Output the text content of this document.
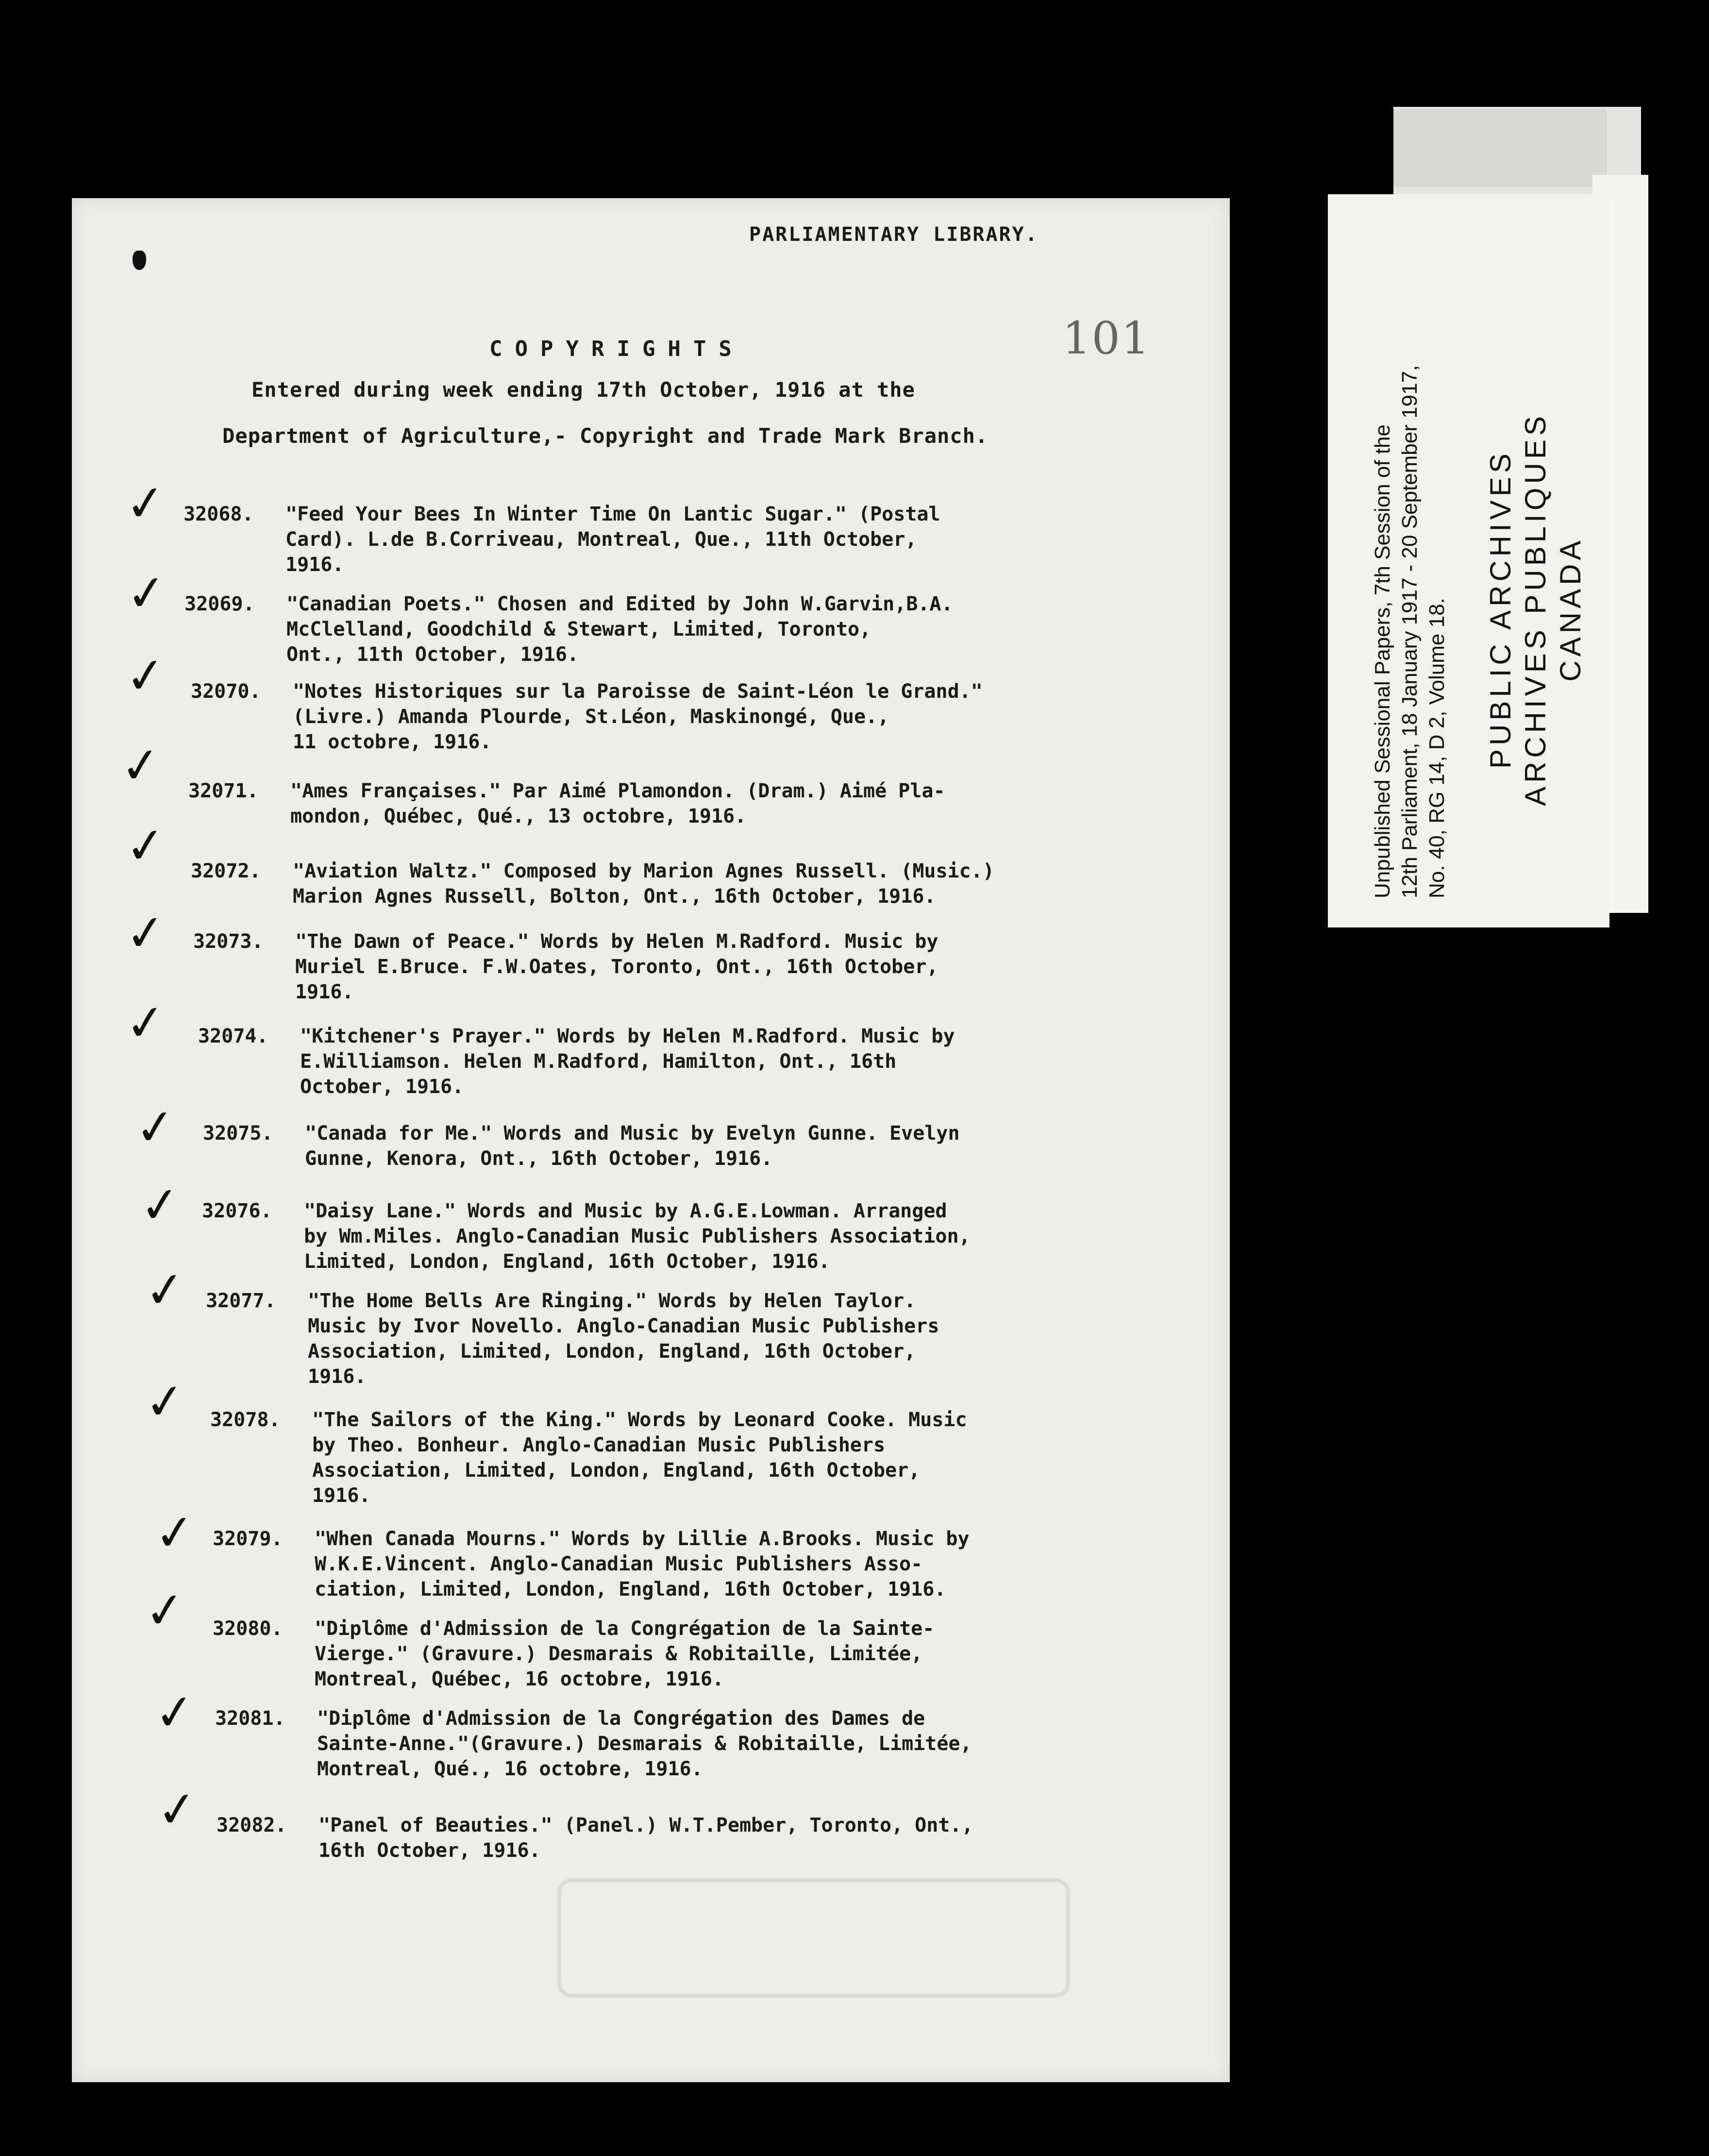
Unpublished Sessional Papers, 7th Session of the 12th Parliament, 18 January 1917 - 20 September 1917, No. 40, RG 14, D 2, Volume 18. PUBLIC ARCHIVES ARCHIVES PUBLIQUES CANADA
PARLIAMENTARY LIBRARY.
101
COPYRIGHTS
Entered during week ending 17th October, 1916 at the
Department of Agriculture,- Copyright and Trade Mark Branch.
✓ 32068. "Feed Your Bees In Winter Time On Lantic Sugar." (Postal
Card). L.de B.Corriveau, Montreal, Que., 11th October,
1916.
✓ 32069. "Canadian Poets." Chosen and Edited by John W.Garvin,B.A.
McClelland, Goodchild & Stewart, Limited, Toronto,
Ont., 11th October, 1916.
✓ 32070. "Notes Historiques sur la Paroisse de Saint-Léon le Grand."
(Livre.) Amanda Plourde, St.Léon, Maskinongé, Que.,
11 octobre, 1916.
✓ 32071. "Ames Françaises." Par Aimé Plamondon. (Dram.) Aimé Pla-
mondon, Québec, Qué., 13 octobre, 1916.
✓ 32072. "Aviation Waltz." Composed by Marion Agnes Russell. (Music.)
Marion Agnes Russell, Bolton, Ont., 16th October, 1916.
✓ 32073. "The Dawn of Peace." Words by Helen M.Radford. Music by
Muriel E.Bruce. F.W.Oates, Toronto, Ont., 16th October,
1916.
✓ 32074. "Kitchener's Prayer." Words by Helen M.Radford. Music by
E.Williamson. Helen M.Radford, Hamilton, Ont., 16th
October, 1916.
✓ 32075. "Canada for Me." Words and Music by Evelyn Gunne. Evelyn
Gunne, Kenora, Ont., 16th October, 1916.
✓ 32076. "Daisy Lane." Words and Music by A.G.E.Lowman. Arranged
by Wm.Miles. Anglo-Canadian Music Publishers Association,
Limited, London, England, 16th October, 1916.
✓ 32077. "The Home Bells Are Ringing." Words by Helen Taylor.
Music by Ivor Novello. Anglo-Canadian Music Publishers
Association, Limited, London, England, 16th October,
1916.
✓ 32078. "The Sailors of the King." Words by Leonard Cooke. Music
by Theo. Bonheur. Anglo-Canadian Music Publishers
Association, Limited, London, England, 16th October,
1916.
✓ 32079. "When Canada Mourns." Words by Lillie A.Brooks. Music by
W.K.E.Vincent. Anglo-Canadian Music Publishers Asso-
ciation, Limited, London, England, 16th October, 1916.
✓ 32080. "Diplôme d'Admission de la Congrégation de la Sainte-
Vierge." (Gravure.) Desmarais & Robitaille, Limitée,
Montreal, Québec, 16 octobre, 1916.
✓ 32081. "Diplôme d'Admission de la Congrégation des Dames de
Sainte-Anne."(Gravure.) Desmarais & Robitaille, Limitée,
Montreal, Qué., 16 octobre, 1916.
✓ 32082. "Panel of Beauties." (Panel.) W.T.Pember, Toronto, Ont.,
16th October, 1916.
